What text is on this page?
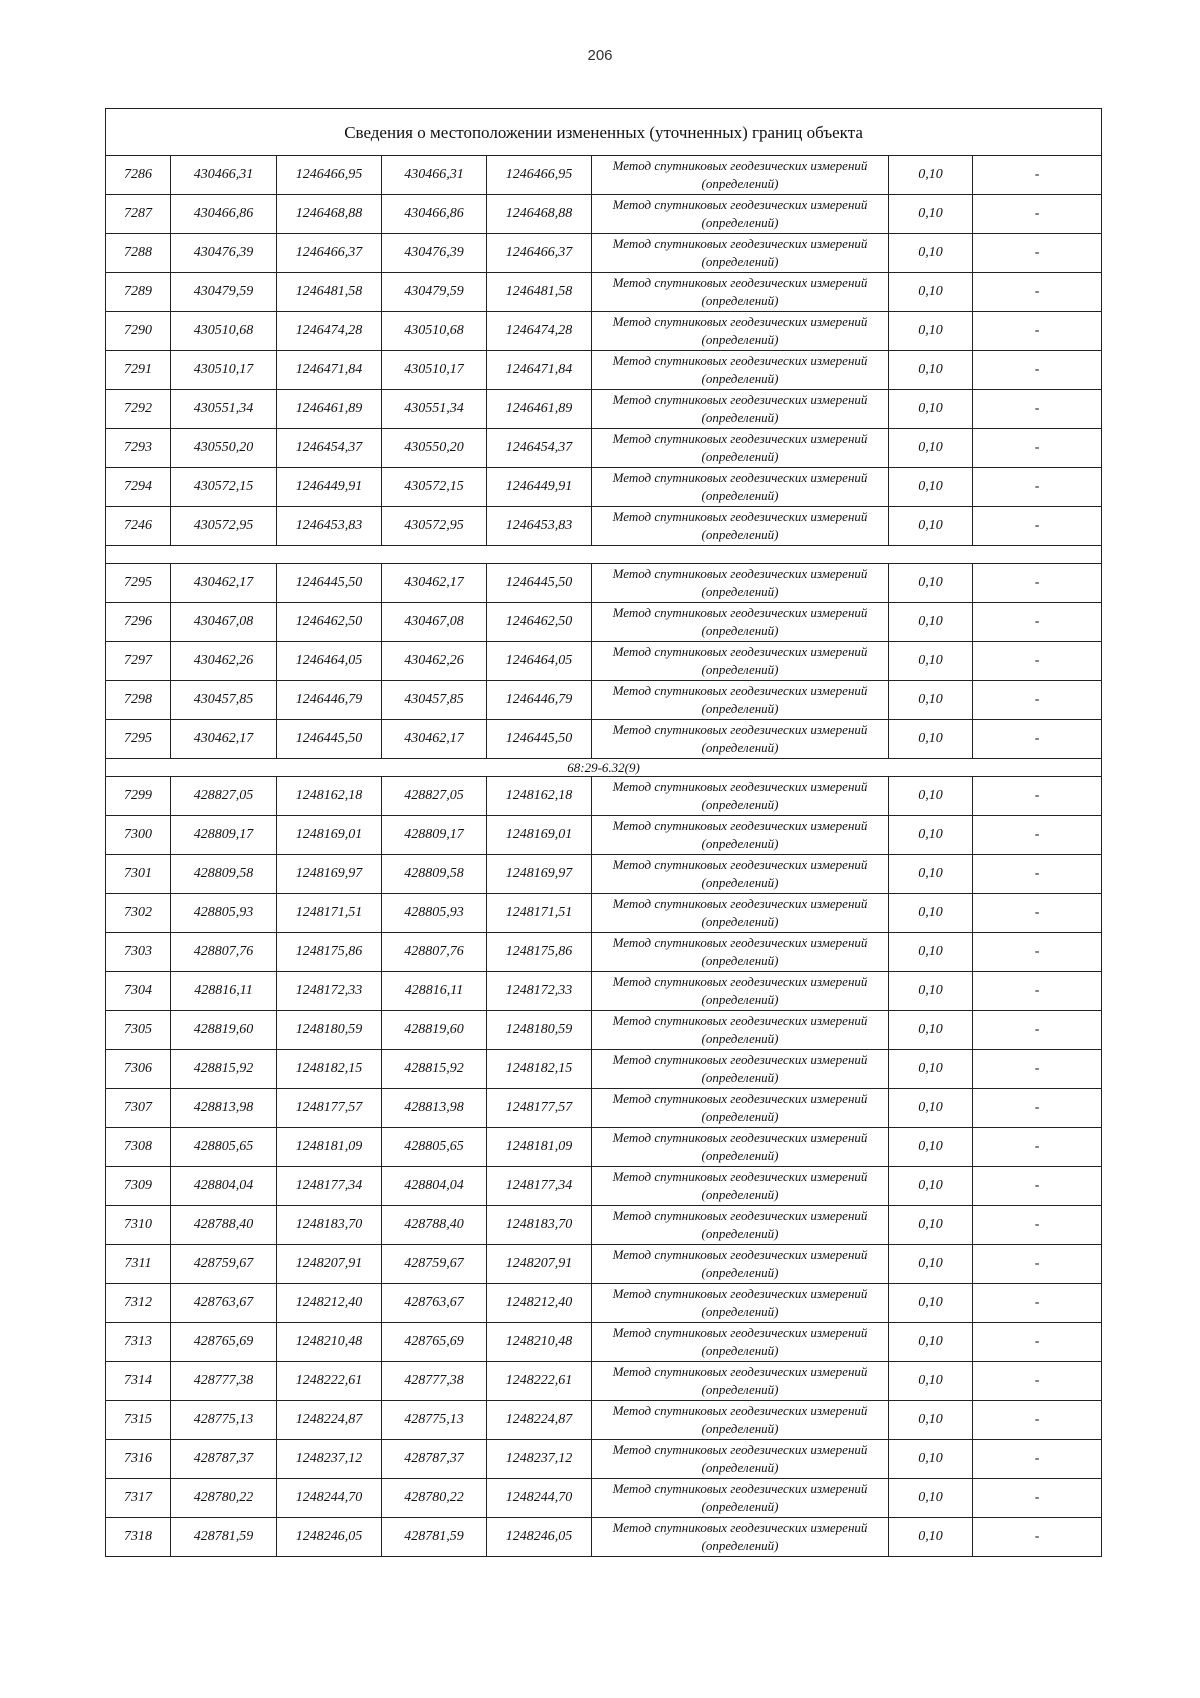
206
Сведения о местоположении измененных (уточненных) границ объекта							
7286	430466,31	1246466,95	430466,31	1246466,95	Метод спутниковых геодезических измерений (определений)	0,10	-
7287	430466,86	1246468,88	430466,86	1246468,88	Метод спутниковых геодезических измерений (определений)	0,10	-
7288	430476,39	1246466,37	430476,39	1246466,37	Метод спутниковых геодезических измерений (определений)	0,10	-
7289	430479,59	1246481,58	430479,59	1246481,58	Метод спутниковых геодезических измерений (определений)	0,10	-
7290	430510,68	1246474,28	430510,68	1246474,28	Метод спутниковых геодезических измерений (определений)	0,10	-
7291	430510,17	1246471,84	430510,17	1246471,84	Метод спутниковых геодезических измерений (определений)	0,10	-
7292	430551,34	1246461,89	430551,34	1246461,89	Метод спутниковых геодезических измерений (определений)	0,10	-
7293	430550,20	1246454,37	430550,20	1246454,37	Метод спутниковых геодезических измерений (определений)	0,10	-
7294	430572,15	1246449,91	430572,15	1246449,91	Метод спутниковых геодезических измерений (определений)	0,10	-
7246	430572,95	1246453,83	430572,95	1246453,83	Метод спутниковых геодезических измерений (определений)	0,10	-

7295	430462,17	1246445,50	430462,17	1246445,50	Метод спутниковых геодезических измерений (определений)	0,10	-
7296	430467,08	1246462,50	430467,08	1246462,50	Метод спутниковых геодезических измерений (определений)	0,10	-
7297	430462,26	1246464,05	430462,26	1246464,05	Метод спутниковых геодезических измерений (определений)	0,10	-
7298	430457,85	1246446,79	430457,85	1246446,79	Метод спутниковых геодезических измерений (определений)	0,10	-
7295	430462,17	1246445,50	430462,17	1246445,50	Метод спутниковых геодезических измерений (определений)	0,10	-
68:29-6.32(9)							
7299	428827,05	1248162,18	428827,05	1248162,18	Метод спутниковых геодезических измерений (определений)	0,10	-
7300	428809,17	1248169,01	428809,17	1248169,01	Метод спутниковых геодезических измерений (определений)	0,10	-
7301	428809,58	1248169,97	428809,58	1248169,97	Метод спутниковых геодезических измерений (определений)	0,10	-
7302	428805,93	1248171,51	428805,93	1248171,51	Метод спутниковых геодезических измерений (определений)	0,10	-
7303	428807,76	1248175,86	428807,76	1248175,86	Метод спутниковых геодезических измерений (определений)	0,10	-
7304	428816,11	1248172,33	428816,11	1248172,33	Метод спутниковых геодезических измерений (определений)	0,10	-
7305	428819,60	1248180,59	428819,60	1248180,59	Метод спутниковых геодезических измерений (определений)	0,10	-
7306	428815,92	1248182,15	428815,92	1248182,15	Метод спутниковых геодезических измерений (определений)	0,10	-
7307	428813,98	1248177,57	428813,98	1248177,57	Метод спутниковых геодезических измерений (определений)	0,10	-
7308	428805,65	1248181,09	428805,65	1248181,09	Метод спутниковых геодезических измерений (определений)	0,10	-
7309	428804,04	1248177,34	428804,04	1248177,34	Метод спутниковых геодезических измерений (определений)	0,10	-
7310	428788,40	1248183,70	428788,40	1248183,70	Метод спутниковых геодезических измерений (определений)	0,10	-
7311	428759,67	1248207,91	428759,67	1248207,91	Метод спутниковых геодезических измерений (определений)	0,10	-
7312	428763,67	1248212,40	428763,67	1248212,40	Метод спутниковых геодезических измерений (определений)	0,10	-
7313	428765,69	1248210,48	428765,69	1248210,48	Метод спутниковых геодезических измерений (определений)	0,10	-
7314	428777,38	1248222,61	428777,38	1248222,61	Метод спутниковых геодезических измерений (определений)	0,10	-
7315	428775,13	1248224,87	428775,13	1248224,87	Метод спутниковых геодезических измерений (определений)	0,10	-
7316	428787,37	1248237,12	428787,37	1248237,12	Метод спутниковых геодезических измерений (определений)	0,10	-
7317	428780,22	1248244,70	428780,22	1248244,70	Метод спутниковых геодезических измерений (определений)	0,10	-
7318	428781,59	1248246,05	428781,59	1248246,05	Метод спутниковых геодезических измерений (определений)	0,10	-
